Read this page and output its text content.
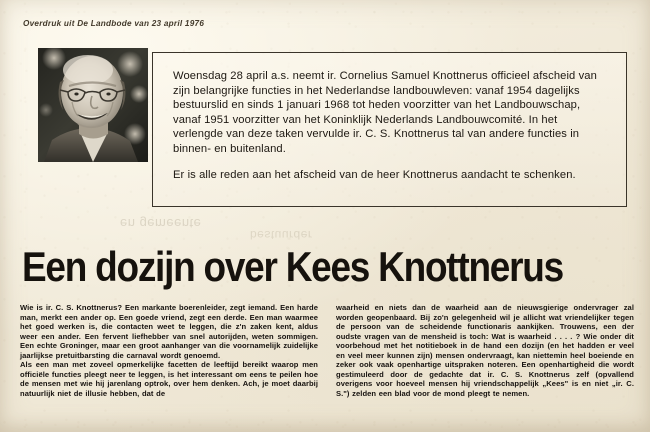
Overdruk uit De Landbode van 23 april 1976

Woensdag 28 april a.s. neemt ir. Cornelius Samuel Knottnerus officieel afscheid van zijn belangrijke functies in het Nederlandse landbouwleven: vanaf 1954 dagelijks bestuurslid en sinds 1 januari 1968 tot heden voorzitter van het Landbouwschap, vanaf 1951 voorzitter van het Koninklijk Nederlands Landbouwcomité. In het verlengde van deze taken vervulde ir. C. S. Knottnerus tal van andere functies in binnen- en buitenland.

Er is alle reden aan het afscheid van de heer Knottnerus aandacht te schenken.

en gemeente
bestuurder
Een dozijn over Kees Knottnerus

Wie is ir. C. S. Knottnerus? Een markante boerenleider, zegt iemand. Een harde man, merkt een ander op. Een goede vriend, zegt een derde. Een man waarmee het goed werken is, die contacten weet te leggen, die z'n zaken kent, aldus weer een ander. Een fervent liefhebber van snel autorijden, weten sommigen. Een echte Groninger, maar een groot aanhanger van die voornamelijk zuidelijke jaarlijkse pretuitbarsting die carnaval wordt genoemd.

Als een man met zoveel opmerkelijke facetten de leeftijd bereikt waarop men officiële functies pleegt neer te leggen, is het interessant om eens te peilen hoe de mensen met wie hij jarenlang optrok, over hem denken. Ach, je moet daarbij natuurlijk niet de illusie hebben, dat de

waarheid en niets dan de waarheid aan de nieuwsgierige ondervrager zal worden geopenbaard. Bij zo'n gelegenheid wil je allicht wat vriendelijker tegen de persoon van de scheidende functionaris aankijken. Trouwens, een der oudste vragen van de mensheid is toch: Wat is waarheid . . . . ? Wie onder dit voorbehoud met het notitieboek in de hand een dozijn (en het hadden er veel en veel meer kunnen zijn) mensen ondervraagt, kan niettemin heel boeiende en zeker ook vaak openhartige uitspraken noteren. Een openhartigheid die wordt gestimuleerd door de gedachte dat ir. C. S. Knottnerus zelf (opvallend overigens voor hoeveel mensen hij vriendschappelijk „Kees" is en niet „ir. C. S.") zelden een blad voor de mond pleegt te nemen.
